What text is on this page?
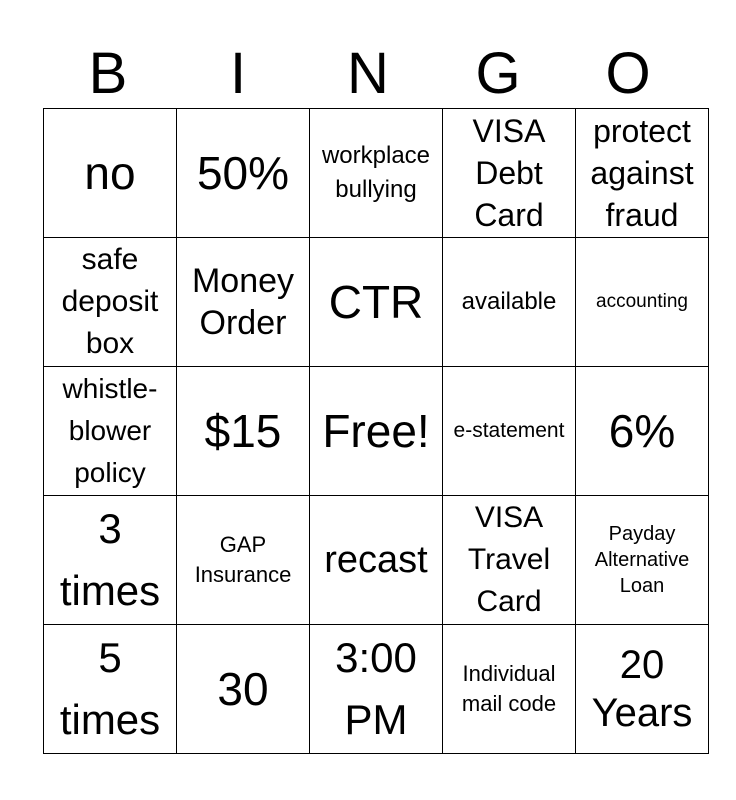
B	I	N	G	O
no	50%	workplace bullying	VISA Debt Card	protect against fraud

safe deposit box	Money Order	CTR	available	accounting

whistle-blower policy	$15	Free!	e-statement	6%

3 times	GAP Insurance	recast	VISA Travel Card	Payday Alternative Loan

5 times	30	3:00 PM	Individual mail code	20 Years
